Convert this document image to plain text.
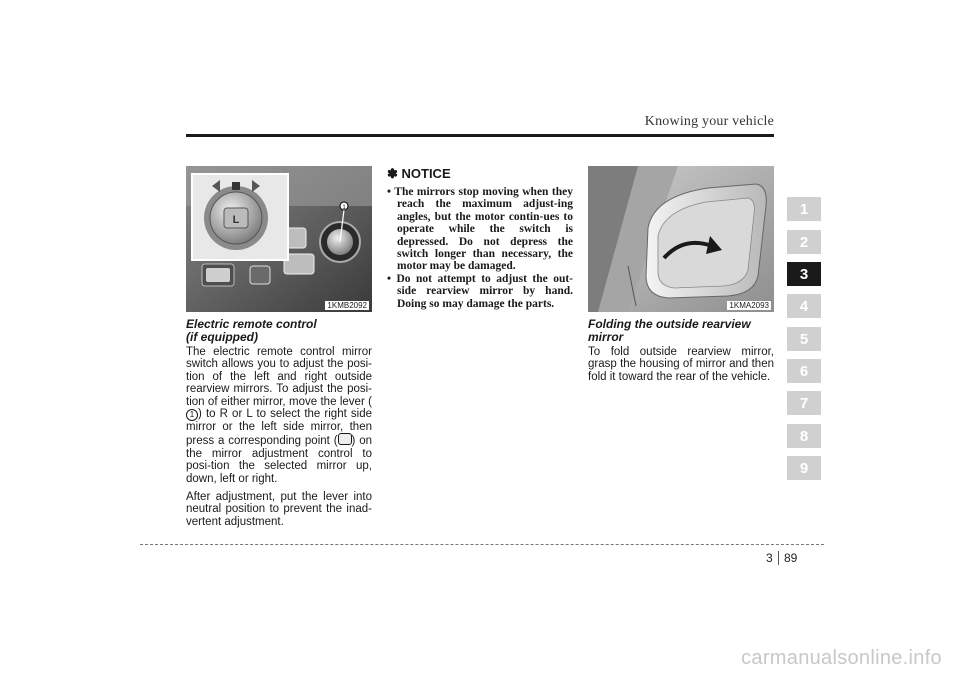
Knowing your vehicle
1
2
3
4
5
6
7
8
9
1
L
1KMB2092
Electric remote control
(if equipped)

The electric remote control mirror switch allows you to adjust the posi-tion of the left and right outside rearview mirrors. To adjust the posi-tion of either mirror, move the lever (1 ) to R or L to select the right side mirror or the left side mirror, then press a corresponding point ( ) on the mirror adjustment control to posi-tion the selected mirror up, down, left or right.

After adjustment, put the lever into neutral position to prevent the inad-vertent adjustment.

✽ NOTICE
• The mirrors stop moving when they reach the maximum adjust-ing angles, but the motor contin-ues to operate while the switch is depressed. Do not depress the switch longer than necessary, the motor may be damaged.
• Do not attempt to adjust the out-side rearview mirror by hand. Doing so may damage the parts.	1KMA2093
Folding the outside rearview
mirror

To fold outside rearview mirror, grasp the housing of mirror and then fold it toward the rear of the vehicle.

3 89
carmanualsonline.info
